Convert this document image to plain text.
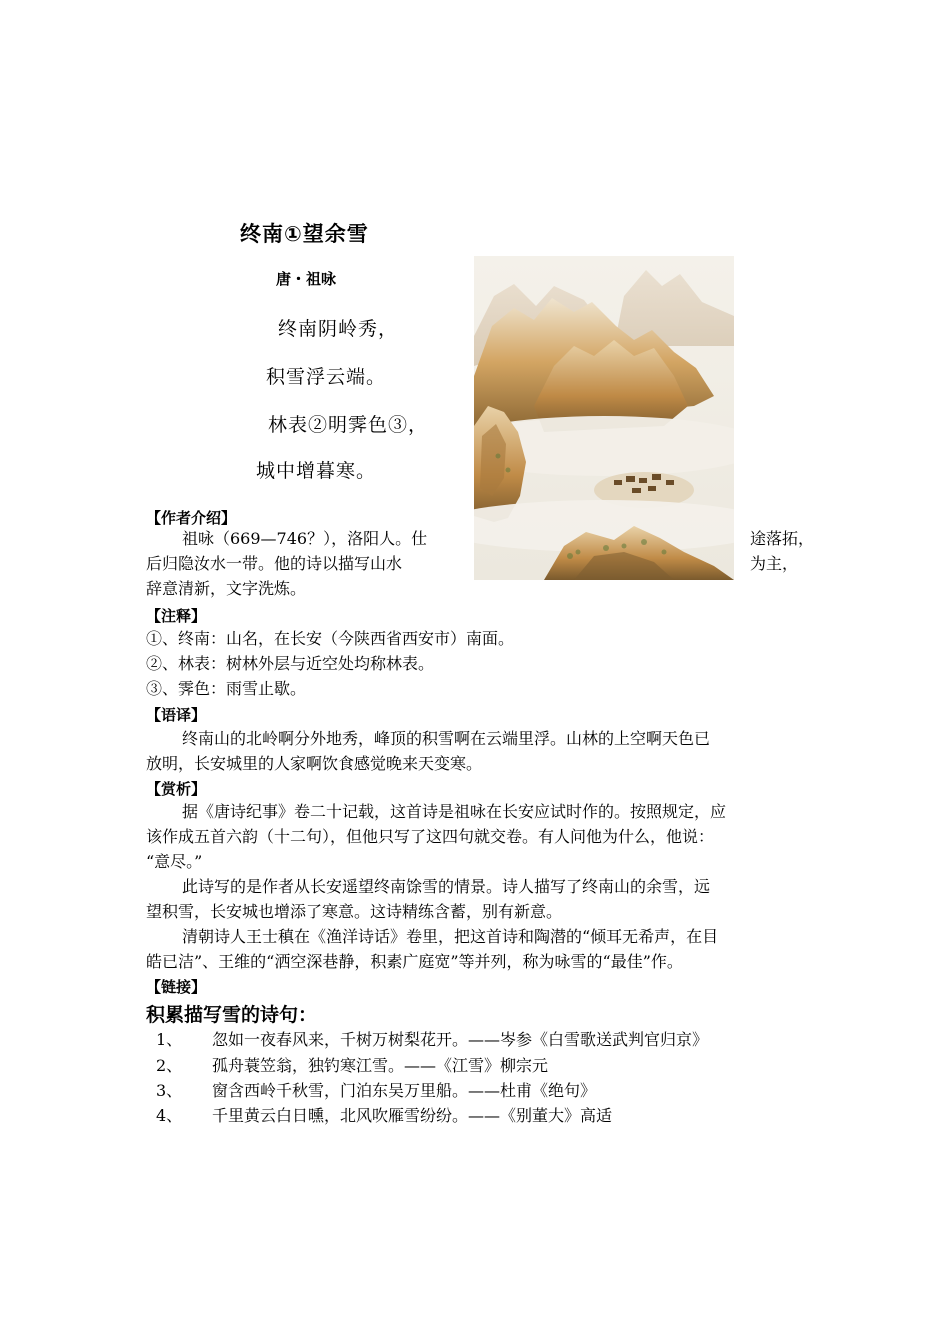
终南①望余雪
唐・祖咏
终南阴岭秀，
积雪浮云端。
林表②明霁色③，
城中增暮寒。
【作者介绍】
祖咏（669—746？），洛阳人。仕	途落拓，
后归隐汝水一带。他的诗以描写山水	为主，
辞意清新，文字洗炼。
【注释】
①、终南：山名，在长安（今陕西省西安市）南面。
②、林表：树林外层与近空处均称林表。
③、霁色：雨雪止歇。
【语译】
终南山的北岭啊分外地秀，峰顶的积雪啊在云端里浮。山林的上空啊天色已
放明，长安城里的人家啊饮食感觉晚来天变寒。
【赏析】
据《唐诗纪事》卷二十记载，这首诗是祖咏在长安应试时作的。按照规定，应
该作成五首六韵（十二句），但他只写了这四句就交卷。有人问他为什么，他说：
“意尽。”
此诗写的是作者从长安遥望终南馀雪的情景。诗人描写了终南山的余雪，远
望积雪，长安城也增添了寒意。这诗精练含蓄，别有新意。
清朝诗人王士稹在《渔洋诗话》卷里，把这首诗和陶潜的“倾耳无希声，在目
皓已洁”、王维的“洒空深巷静，积素广庭宽”等并列，称为咏雪的“最佳”作。
【链接】
积累描写雪的诗句：
1、 忽如一夜春风来，千树万树梨花开。——岑参《白雪歌送武判官归京》
2、 孤舟蓑笠翁，独钓寒江雪。——《江雪》柳宗元
3、 窗含西岭千秋雪，门泊东吴万里船。——杜甫《绝句》
4、 千里黄云白日曛，北风吹雁雪纷纷。——《别董大》高适
